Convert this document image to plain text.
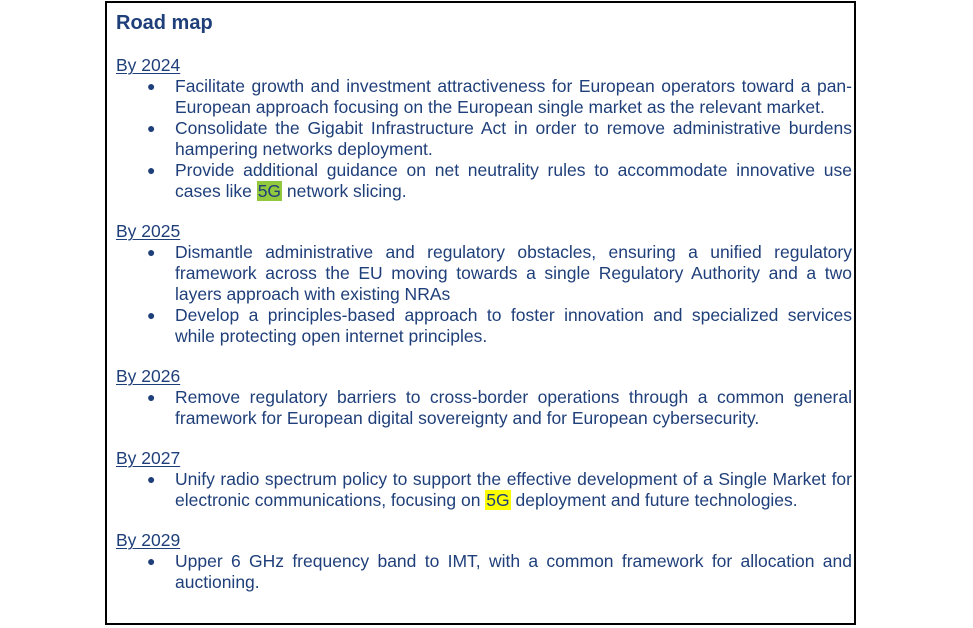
Road map
By 2024
● Facilitate growth and investment attractiveness for European operators toward a pan-European approach focusing on the European single market as the relevant market.
● Consolidate the Gigabit Infrastructure Act in order to remove administrative burdens hampering networks deployment.
● Provide additional guidance on net neutrality rules to accommodate innovative use cases like 5G network slicing.
By 2025
● Dismantle administrative and regulatory obstacles, ensuring a unified regulatory framework across the EU moving towards a single Regulatory Authority and a two layers approach with existing NRAs
● Develop a principles-based approach to foster innovation and specialized services while protecting open internet principles.
By 2026
● Remove regulatory barriers to cross-border operations through a common general framework for European digital sovereignty and for European cybersecurity.
By 2027
● Unify radio spectrum policy to support the effective development of a Single Market for electronic communications, focusing on 5G deployment and future technologies.
By 2029
● Upper 6 GHz frequency band to IMT, with a common framework for allocation and auctioning.
